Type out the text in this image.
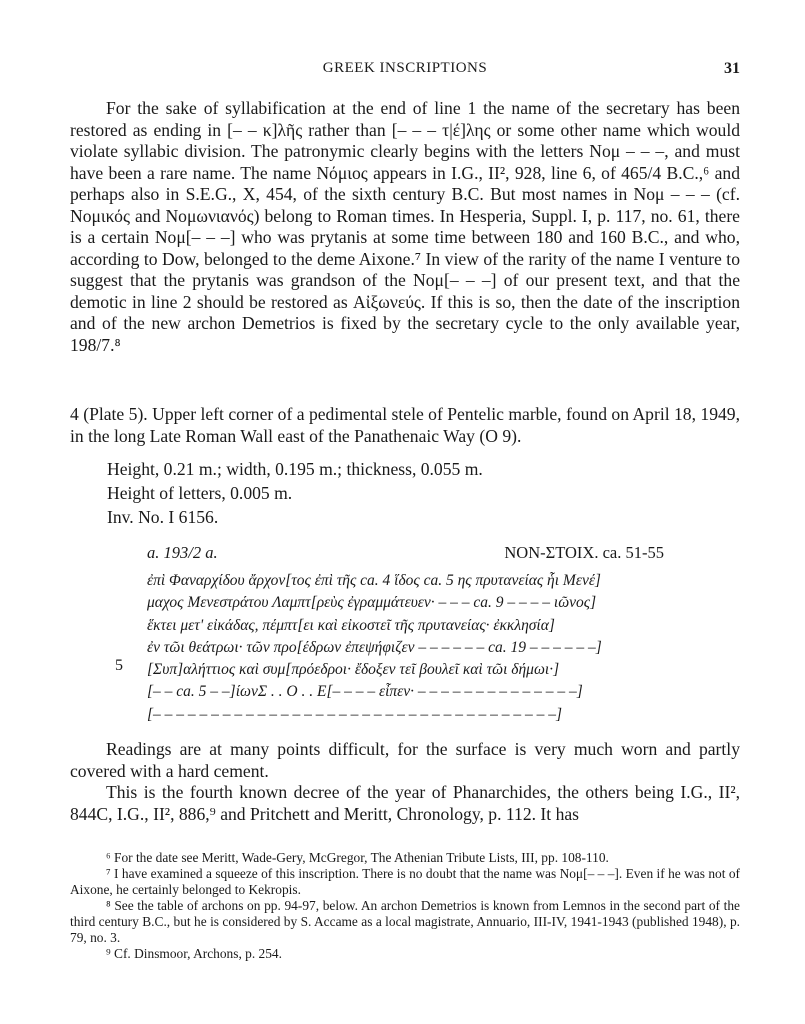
GREEK INSCRIPTIONS	31

For the sake of syllabification at the end of line 1 the name of the secretary has been restored as ending in [– – κ]λῆς rather than [– – – τ|έ]λης or some other name which would violate syllabic division. The patronymic clearly begins with the letters Νομ – – –, and must have been a rare name. The name Νόμιος appears in I.G., II², 928, line 6, of 465/4 B.C.,⁶ and perhaps also in S.E.G., X, 454, of the sixth century B.C. But most names in Νομ – – – (cf. Νομικός and Νομωνιανός) belong to Roman times. In Hesperia, Suppl. I, p. 117, no. 61, there is a certain Νομ[– – –] who was prytanis at some time between 180 and 160 B.C., and who, according to Dow, belonged to the deme Aixone.⁷ In view of the rarity of the name I venture to suggest that the prytanis was grandson of the Νομ[– – –] of our present text, and that the demotic in line 2 should be restored as Αἰξωνεύς. If this is so, then the date of the inscription and of the new archon Demetrios is fixed by the secretary cycle to the only available year, 198/7.⁸

4 (Plate 5). Upper left corner of a pedimental stele of Pentelic marble, found on April 18, 1949, in the long Late Roman Wall east of the Panathenaic Way (O 9).

Height, 0.21 m.; width, 0.195 m.; thickness, 0.055 m.
Height of letters, 0.005 m.
Inv. No. I 6156.
a. 193/2 a.	NON-ΣΤΟΙΧ. ca. 51-55
ἐπὶ Φαναρχίδου ἄρχον[τος ἐπὶ τῆς ca. 4 ἵδος ca. 5 ης πρυτανείας ἧι Μενέ]
μαχος Μενεστράτου Λαμπτ[ρεὺς ἐγραμμάτευεν· – – – ca. 9 – – – – ιῶνος]
ἕκτει μετ' εἰκάδας, πέμπτ[ει καὶ εἰκοστεῖ τῆς πρυτανείας· ἐκκλησία]
ἐν τῶι θεάτρωι· τῶν προ[έδρων ἐπεψήφιζεν – – – – – – ca. 19 – – – – – –]
[Συπ]αλήττιος καὶ συμ[πρόεδροι· ἔδοξεν τεῖ βουλεῖ καὶ τῶι δήμωι·]
[– – ca. 5 – –]ίωνΣ . . Ο . . Ε[– – – – εἶπεν· – – – – – – – – – – – – – –]
[– – – – – – – – – – – – – – – – – – – – – – – – – – – – – – – – – – –]
5

Readings are at many points difficult, for the surface is very much worn and partly covered with a hard cement.

This is the fourth known decree of the year of Phanarchides, the others being I.G., II², 844C, I.G., II², 886,⁹ and Pritchett and Meritt, Chronology, p. 112. It has

⁶ For the date see Meritt, Wade-Gery, McGregor, The Athenian Tribute Lists, III, pp. 108-110.

⁷ I have examined a squeeze of this inscription. There is no doubt that the name was Νομ[– – –]. Even if he was not of Aixone, he certainly belonged to Kekropis.

⁸ See the table of archons on pp. 94-97, below. An archon Demetrios is known from Lemnos in the second part of the third century B.C., but he is considered by S. Accame as a local magistrate, Annuario, III-IV, 1941-1943 (published 1948), p. 79, no. 3.

⁹ Cf. Dinsmoor, Archons, p. 254.
